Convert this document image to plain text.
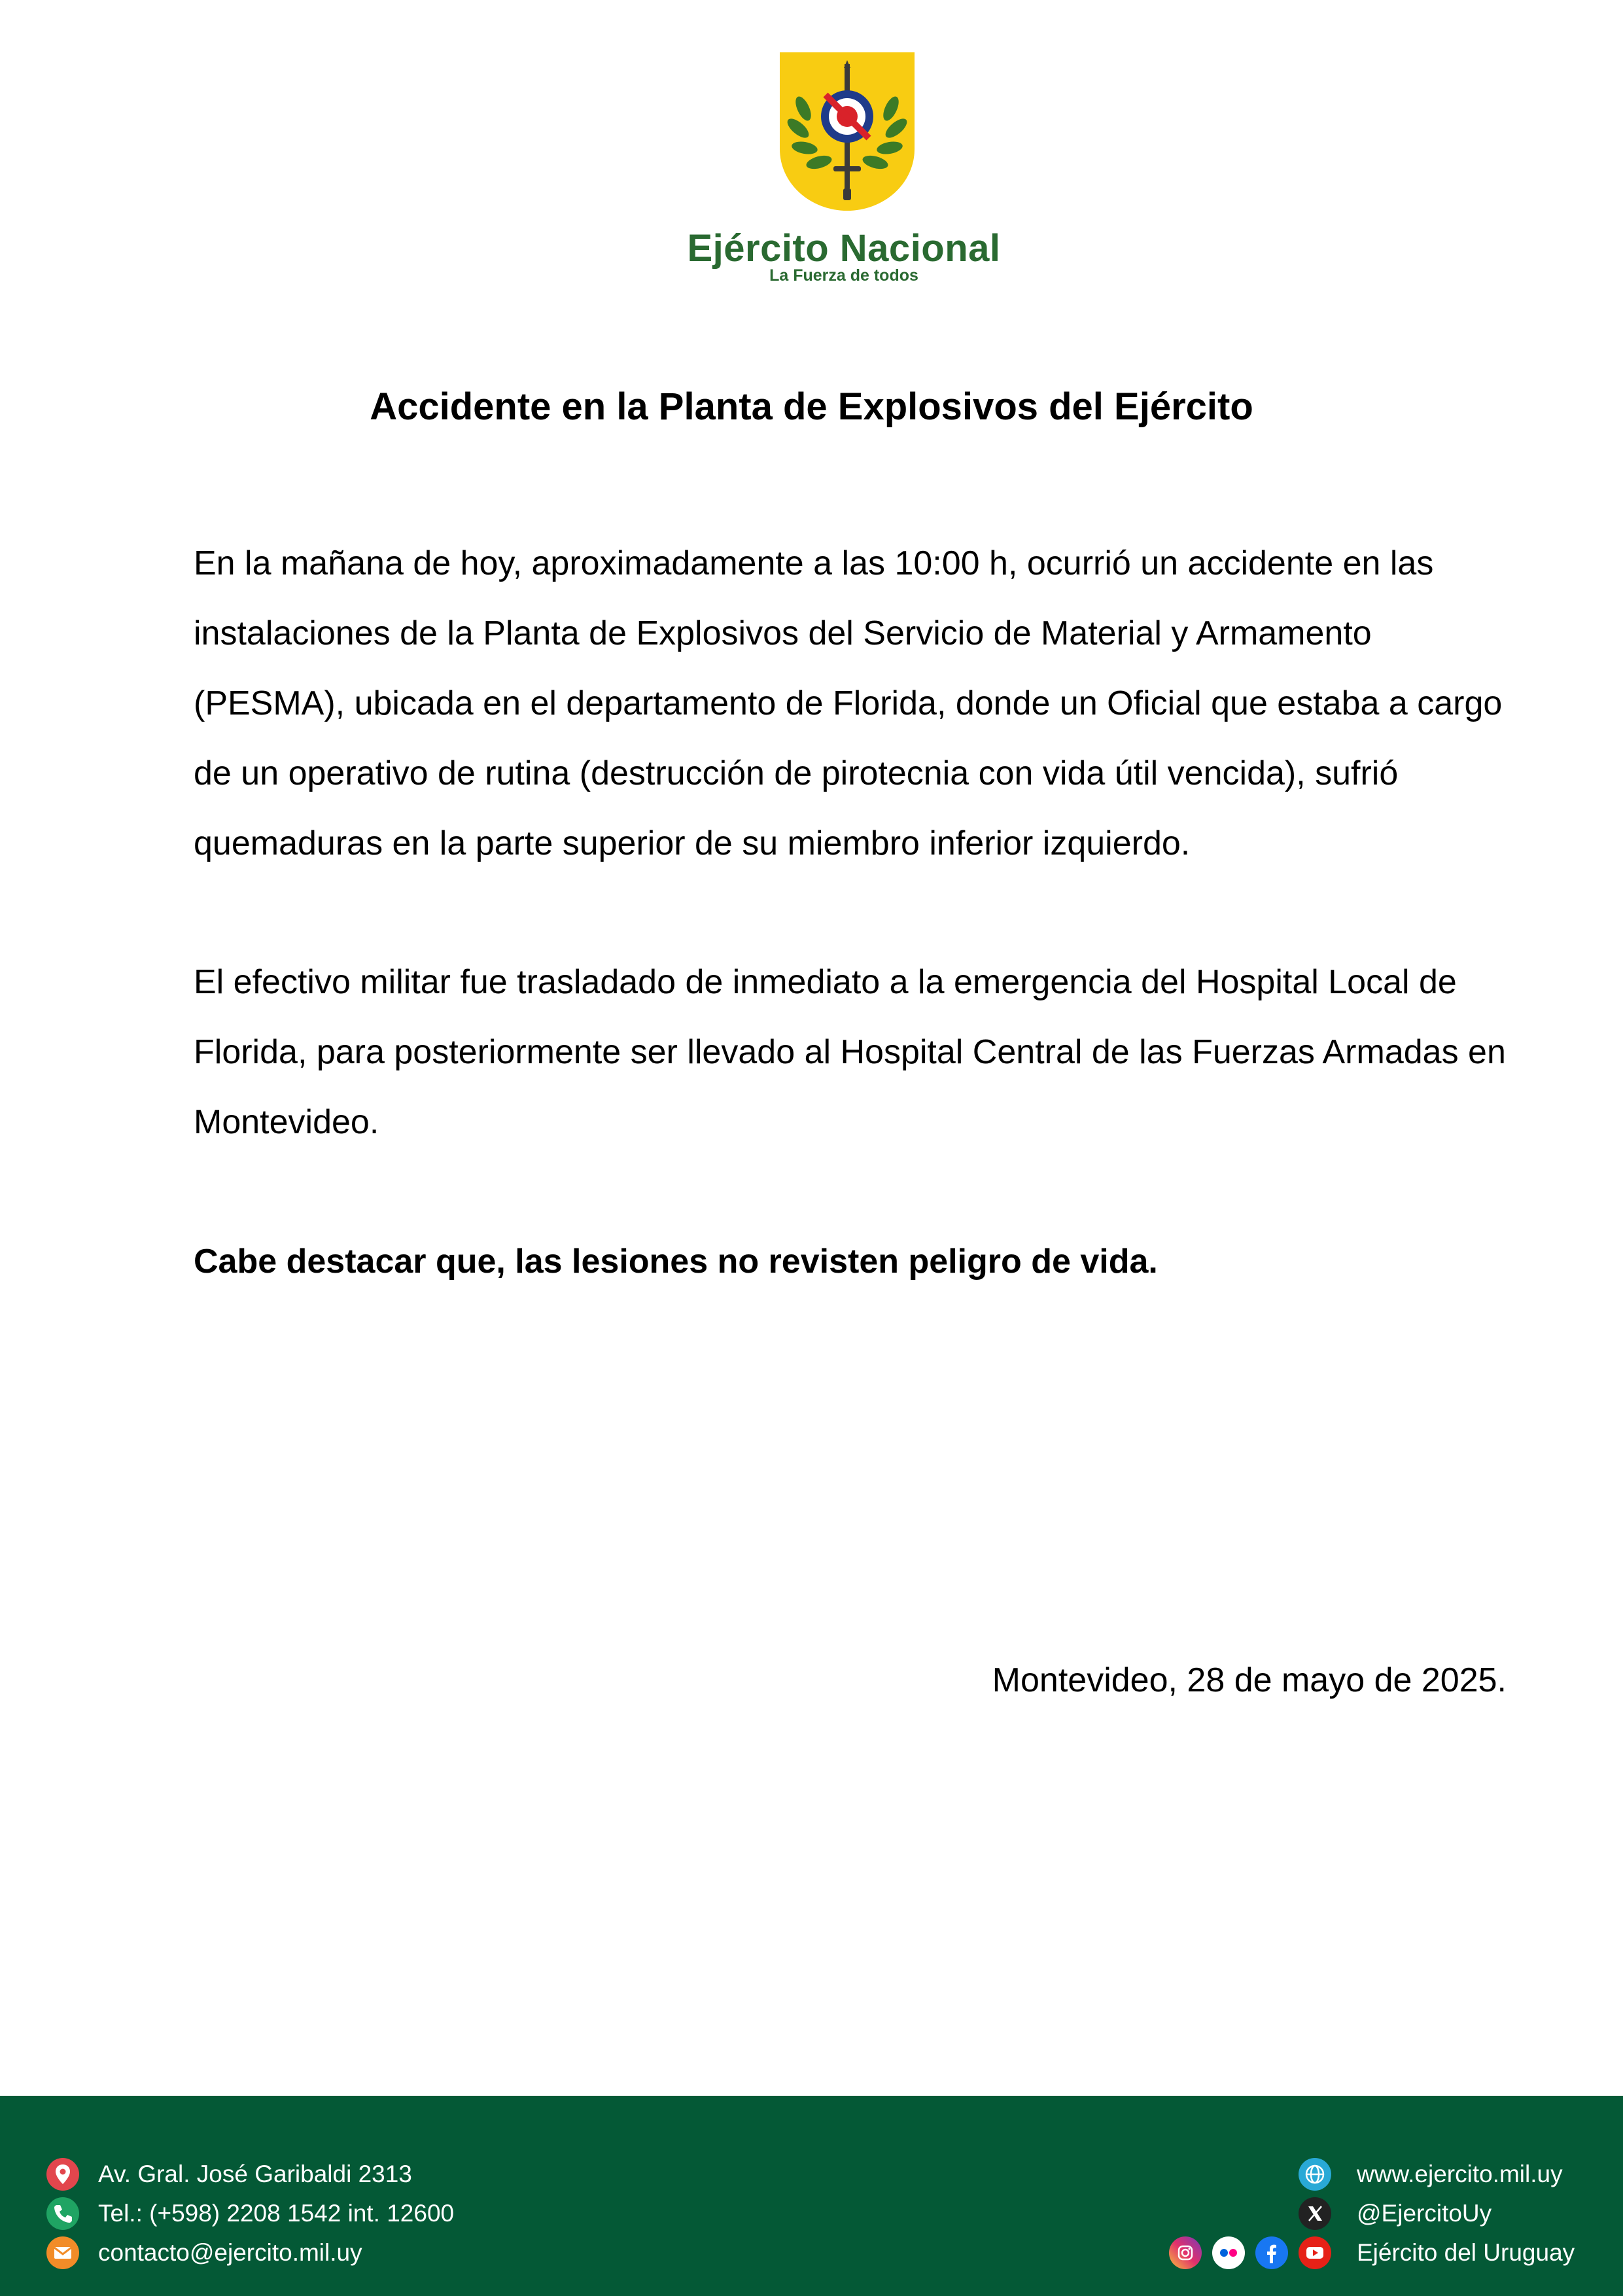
Ejército Nacional
La Fuerza de todos
Accidente en la Planta de Explosivos del Ejército

En la mañana de hoy, aproximadamente a las 10:00 h, ocurrió un accidente en las instalaciones de la Planta de Explosivos del Servicio de Material y Armamento (PESMA), ubicada en el departamento de Florida, donde un Oficial que estaba a cargo de un operativo de rutina (destrucción de pirotecnia con vida útil vencida), sufrió quemaduras en la parte superior de su miembro inferior izquierdo.

El efectivo militar fue trasladado de inmediato a la emergencia del Hospital Local de Florida, para posteriormente ser llevado al Hospital Central de las Fuerzas Armadas en Montevideo.

Cabe destacar que, las lesiones no revisten peligro de vida.

Montevideo, 28 de mayo de 2025.
Av. Gral. José Garibaldi 2313
Tel.: (+598) 2208 1542 int. 12600
contacto@ejercito.mil.uy
www.ejercito.mil.uy
@EjercitoUy
Ejército del Uruguay
